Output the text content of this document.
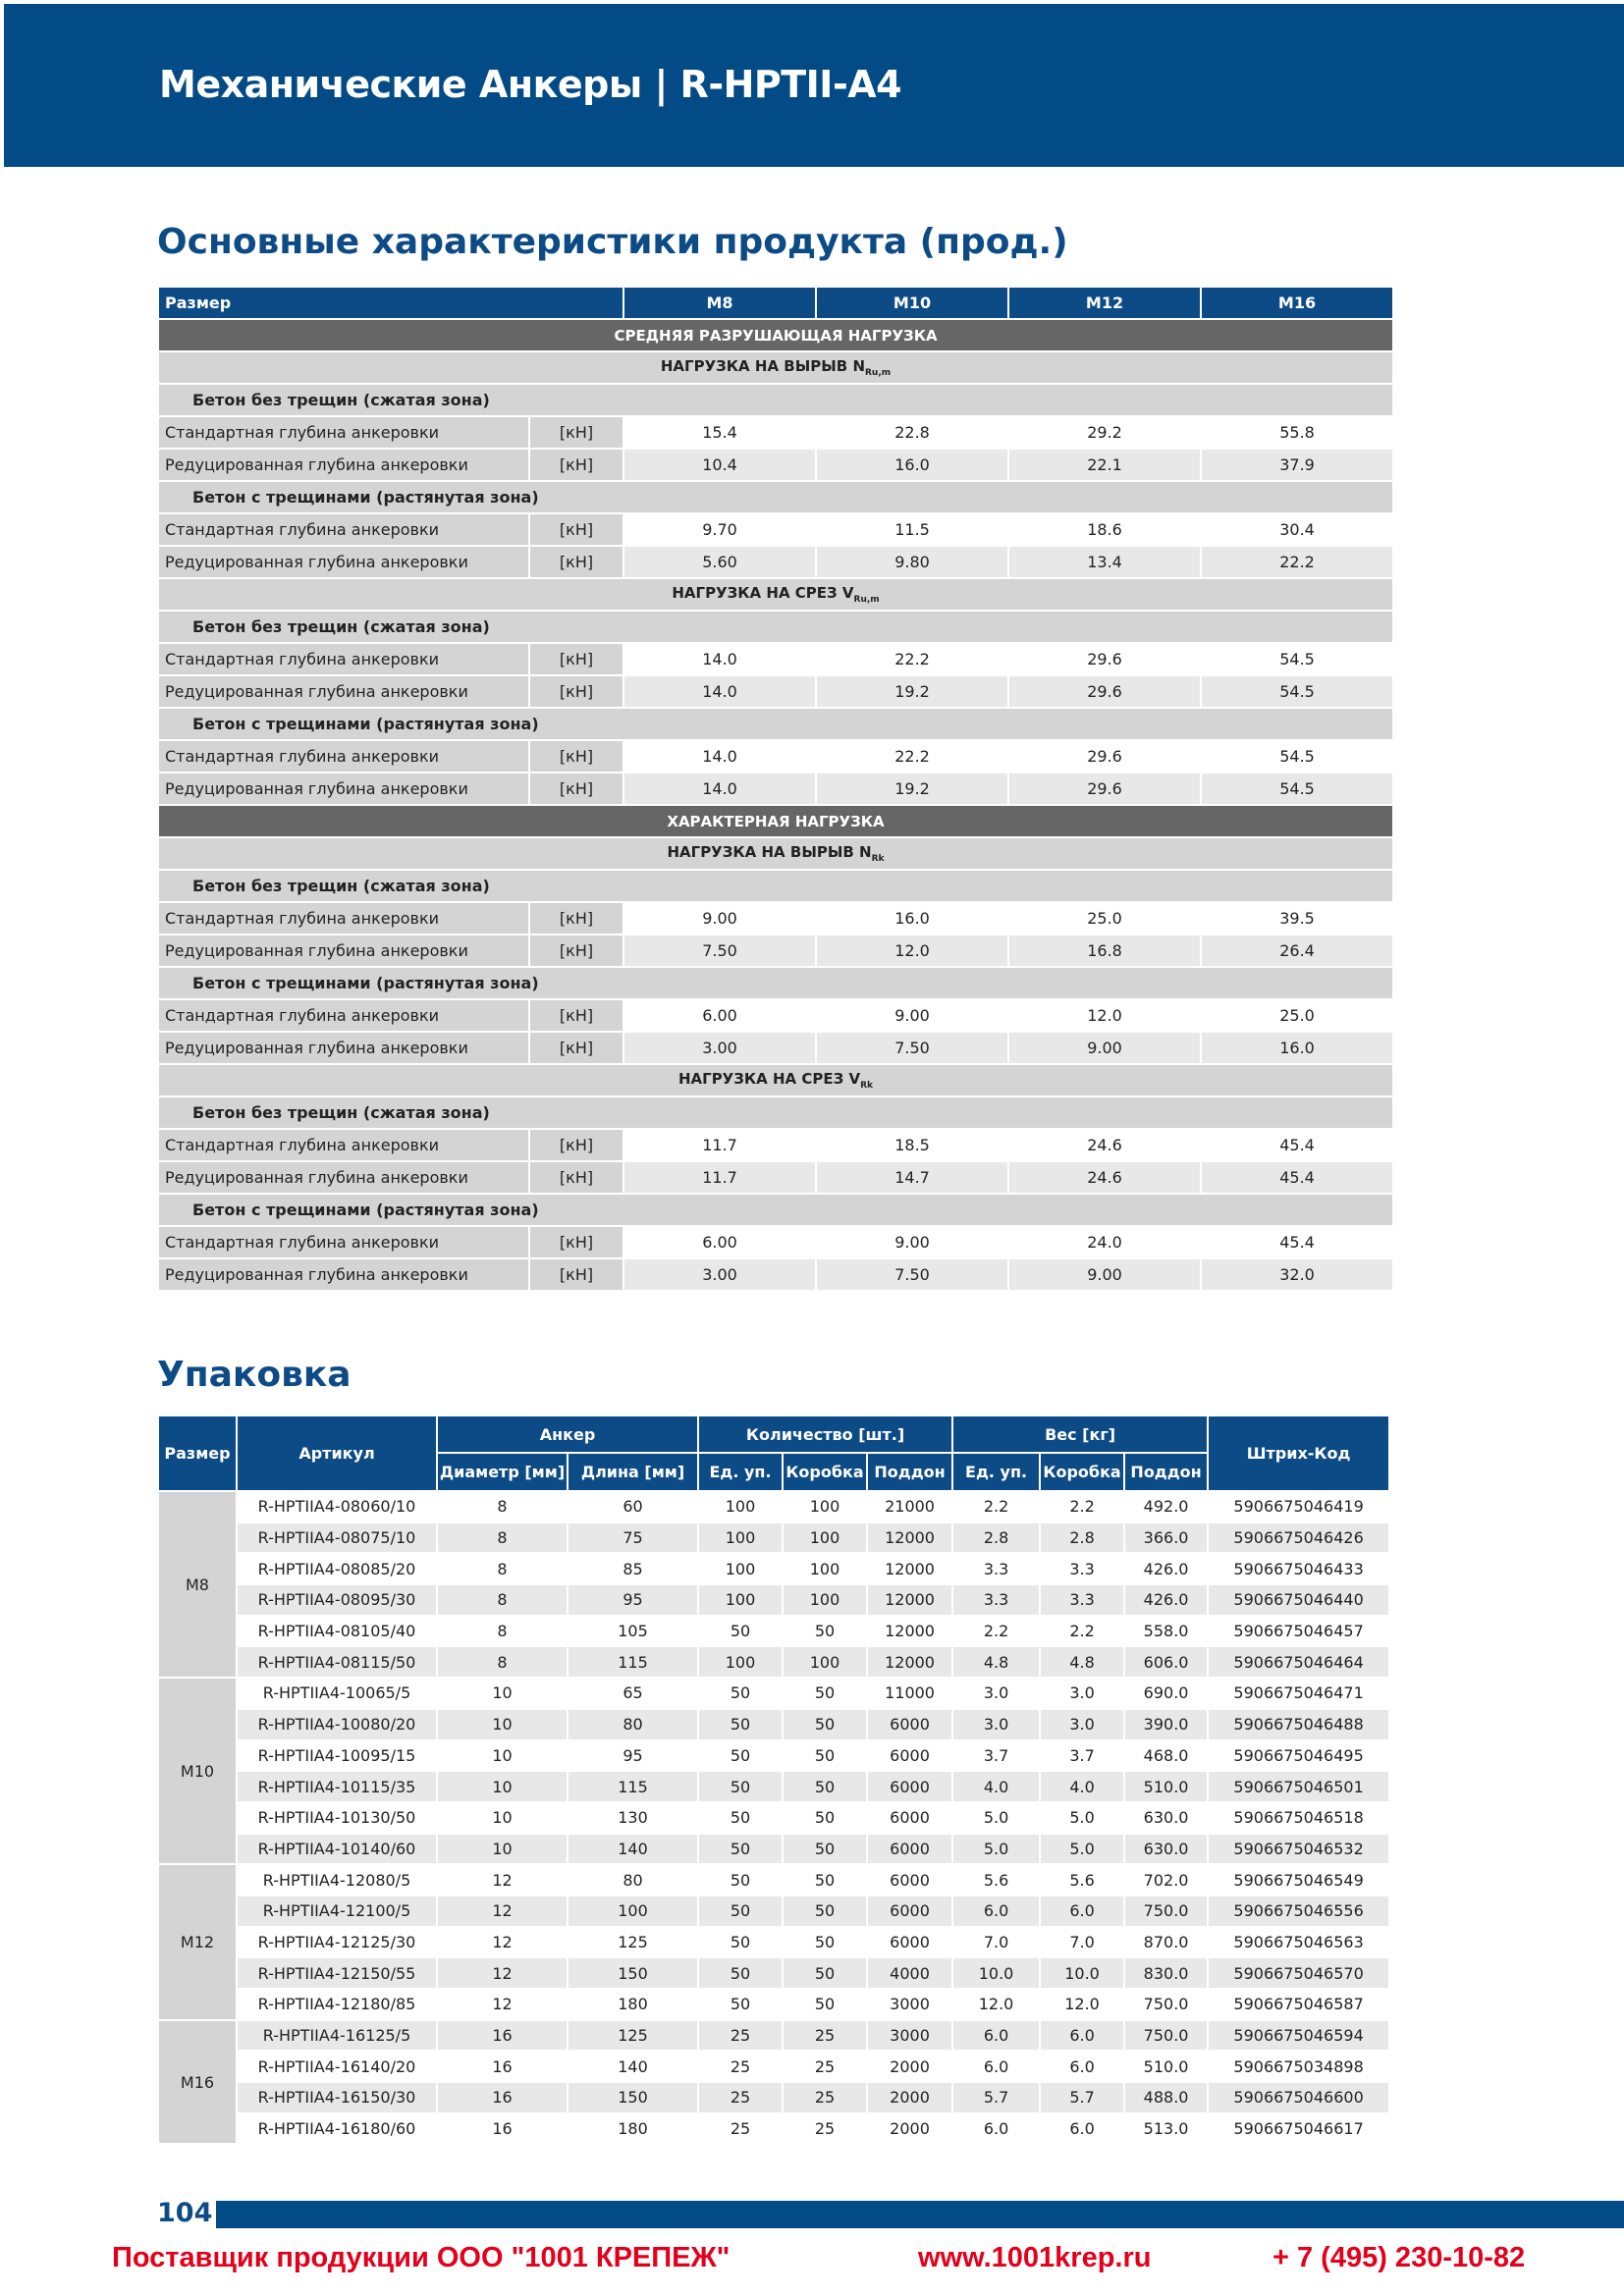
Механические Анкеры | R-HPTII-A4
Основные характеристики продукта (прод.)
Размер		M8	M10	M12	M16
СРЕДНЯЯ РАЗРУШАЮЩАЯ НАГРУЗКА					
НАГРУЗКА НА ВЫРЫВ $N_{Ru,m}$
Бетон без трещин (сжатая зона)					
Стандартная глубина анкеровки	[кН]	15.4	22.8	29.2	55.8
Редуцированная глубина анкеровки	[кН]	10.4	16.0	22.1	37.9
Бетон с трещинами (растянутая зона)					
Стандартная глубина анкеровки	[кН]	9.70	11.5	18.6	30.4
Редуцированная глубина анкеровки	[кН]	5.60	9.80	13.4	22.2
НАГРУЗКА НА СРЕЗ $V_{Ru,m}$
Бетон без трещин (сжатая зона)					
Стандартная глубина анкеровки	[кН]	14.0	22.2	29.6	54.5
Редуцированная глубина анкеровки	[кН]	14.0	19.2	29.6	54.5
Бетон с трещинами (растянутая зона)					
Стандартная глубина анкеровки	[кН]	14.0	22.2	29.6	54.5
Редуцированная глубина анкеровки	[кН]	14.0	19.2	29.6	54.5
ХАРАКТЕРНАЯ НАГРУЗКА					
НАГРУЗКА НА ВЫРЫВ $N_{Rk}$
Бетон без трещин (сжатая зона)					
Стандартная глубина анкеровки	[кН]	9.00	16.0	25.0	39.5
Редуцированная глубина анкеровки	[кН]	7.50	12.0	16.8	26.4
Бетон с трещинами (растянутая зона)					
Стандартная глубина анкеровки	[кН]	6.00	9.00	12.0	25.0
Редуцированная глубина анкеровки	[кН]	3.00	7.50	9.00	16.0
НАГРУЗКА НА СРЕЗ $V_{Rk}$
Бетон без трещин (сжатая зона)					
Стандартная глубина анкеровки	[кН]	11.7	18.5	24.6	45.4
Редуцированная глубина анкеровки	[кН]	11.7	14.7	24.6	45.4
Бетон с трещинами (растянутая зона)					
Стандартная глубина анкеровки	[кН]	6.00	9.00	24.0	45.4
Редуцированная глубина анкеровки	[кН]	3.00	7.50	9.00	32.0
Упаковка
Размер	Артикул	Анкер		Количество [шт.]			Вес [кг]			Штрих-Код
		Диаметр [мм]	Длина [мм]	Ед. уп.	Коробка	Поддон	Ед. уп.	Коробка	Поддон	
M8	R-HPTIIA4-08060/10	8	60	100	100	21000	2.2	2.2	492.0	5906675046419
	R-HPTIIA4-08075/10	8	75	100	100	12000	2.8	2.8	366.0	5906675046426
	R-HPTIIA4-08085/20	8	85	100	100	12000	3.3	3.3	426.0	5906675046433
	R-HPTIIA4-08095/30	8	95	100	100	12000	3.3	3.3	426.0	5906675046440
	R-HPTIIA4-08105/40	8	105	50	50	12000	2.2	2.2	558.0	5906675046457
	R-HPTIIA4-08115/50	8	115	100	100	12000	4.8	4.8	606.0	5906675046464
M10	R-HPTIIA4-10065/5	10	65	50	50	11000	3.0	3.0	690.0	5906675046471
	R-HPTIIA4-10080/20	10	80	50	50	6000	3.0	3.0	390.0	5906675046488
	R-HPTIIA4-10095/15	10	95	50	50	6000	3.7	3.7	468.0	5906675046495
	R-HPTIIA4-10115/35	10	115	50	50	6000	4.0	4.0	510.0	5906675046501
	R-HPTIIA4-10130/50	10	130	50	50	6000	5.0	5.0	630.0	5906675046518
	R-HPTIIA4-10140/60	10	140	50	50	6000	5.0	5.0	630.0	5906675046532
M12	R-HPTIIA4-12080/5	12	80	50	50	6000	5.6	5.6	702.0	5906675046549
	R-HPTIIA4-12100/5	12	100	50	50	6000	6.0	6.0	750.0	5906675046556
	R-HPTIIA4-12125/30	12	125	50	50	6000	7.0	7.0	870.0	5906675046563
	R-HPTIIA4-12150/55	12	150	50	50	4000	10.0	10.0	830.0	5906675046570
	R-HPTIIA4-12180/85	12	180	50	50	3000	12.0	12.0	750.0	5906675046587
M16	R-HPTIIA4-16125/5	16	125	25	25	3000	6.0	6.0	750.0	5906675046594
	R-HPTIIA4-16140/20	16	140	25	25	2000	6.0	6.0	510.0	5906675034898
	R-HPTIIA4-16150/30	16	150	25	25	2000	5.7	5.7	488.0	5906675046600
	R-HPTIIA4-16180/60	16	180	25	25	2000	6.0	6.0	513.0	5906675046617
104
Поставщик продукции ООО "1001 КРЕПЕЖ"	www.1001krep.ru	+ 7 (495) 230-10-82
